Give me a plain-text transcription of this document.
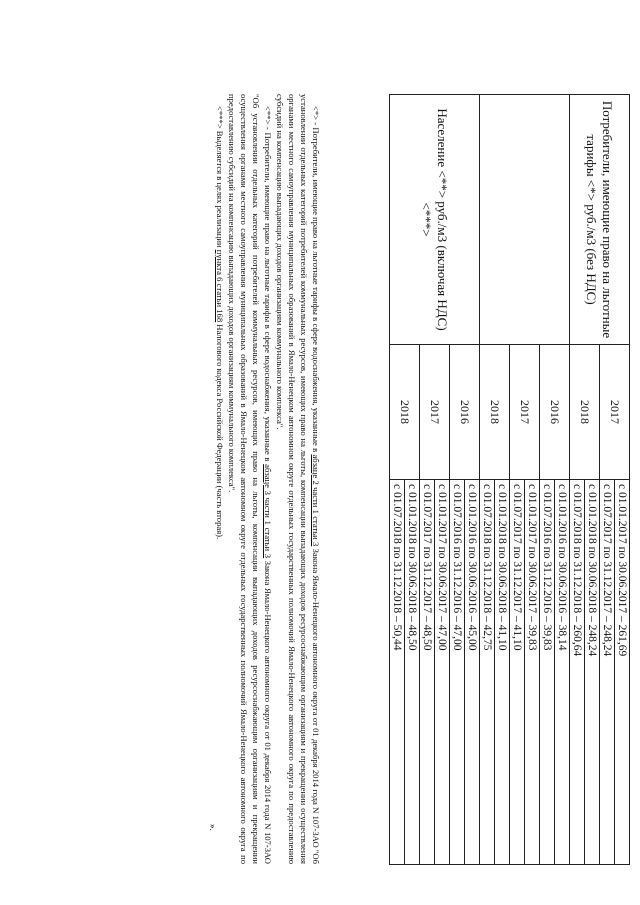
Потребители, имеющие право на льготные тарифы <*> руб./м3 (без НДС)	2017	с 01.01.2017 по 30.06.2017 – 261,69
		с 01.07.2017 по 31.12.2017 – 248,24
	2018	с 01.01.2018 по 30.06.2018 – 248,24
		с 01.07.2018 по 31.12.2018 – 260,64
	2016	с 01.01.2016 по 30.06.2016 – 38,14
		с 01.07.2016 по 31.12.2016 – 39,83
	2017	с 01.01.2017 по 30.06.2017 – 39,83
		с 01.07.2017 по 31.12.2017 – 41,10
	2018	с 01.01.2018 по 30.06.2018 – 41,10
		с 01.07.2018 по 31.12.2018 – 42,75
Население <**> руб./м3 (включая НДС) <***>	2016	с 01.01.2016 по 30.06.2016 – 45,00
		с 01.07.2016 по 31.12.2016 – 47,00
	2017	с 01.01.2017 по 30.06.2017 – 47,00
		с 01.07.2017 по 31.12.2017 – 48,50
	2018	с 01.01.2018 по 30.06.2018 – 48,50
		с 01.07.2018 по 31.12.2018 – 50,44

<*> - Потребители, имеющие право на льготные тарифы в сфере водоснабжения, указанные в абзаце 2 части 1 статьи 3 Закона Ямало-Ненецкого автономного округа от 01 декабря 2014 года N 107-ЗАО "Об установлении отдельных категорий потребителей коммунальных ресурсов, имеющих право на льготы, компенсации выпадающих доходов ресурсоснабжающим организациям и прекращении осуществления органами местного самоуправления муниципальных образований в Ямало-Ненецком автономном округе отдельных государственных полномочий Ямало-Ненецкого автономного округа по предоставлению субсидий на компенсацию выпадающих доходов организациям коммунального комплекса".

<**> - Потребители, имеющие право на льготные тарифы в сфере водоснабжения, указанные в абзаце 3 части 1 статьи 3 Закона Ямало-Ненецкого автономного округа от 01 декабря 2014 года N 107-ЗАО "Об установлении отдельных категорий потребителей коммунальных ресурсов, имеющих право на льготы, компенсации выпадающих доходов ресурсоснабжающим организациям и прекращении осуществления органами местного самоуправления муниципальных образований в Ямало-Ненецком автономном округе отдельных государственных полномочий Ямало-Ненецкого автономного округа по предоставлению субсидий на компенсацию выпадающих доходов организациям коммунального комплекса".

<***> Выделяется в целях реализации пункта 6 статьи 168 Налогового кодекса Российской Федерации (часть вторая).

».
